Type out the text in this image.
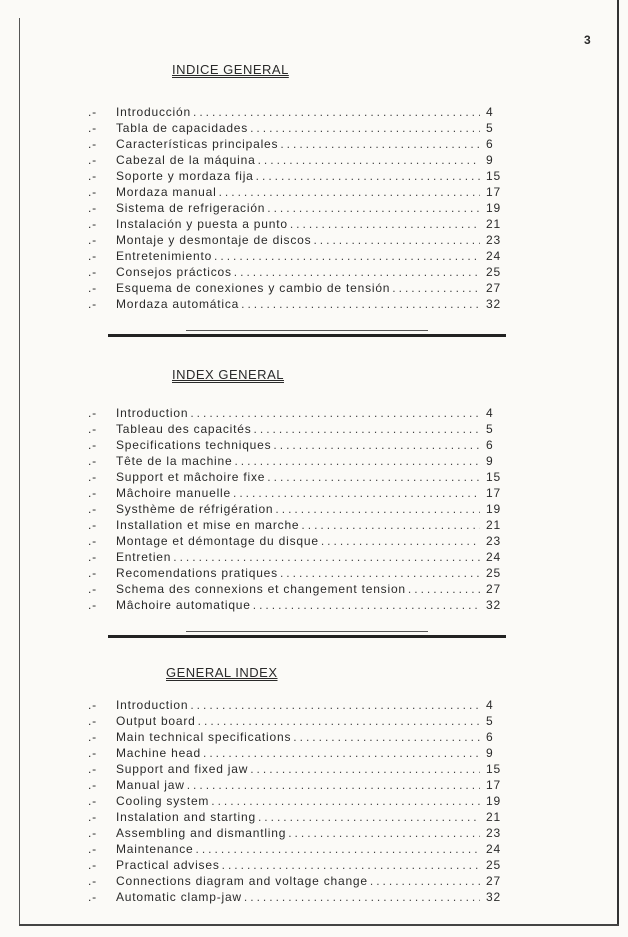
3
INDICE GENERAL
.-	Introducción .....	4
.-	Tabla de capacidades .....	5
.-	Características principales .....	6
.-	Cabezal de la máquina .....	9
.-	Soporte y mordaza fija .....	15
.-	Mordaza manual .....	17
.-	Sistema de refrigeración .....	19
.-	Instalación y puesta a punto .....	21
.-	Montaje y desmontaje de discos .....	23
.-	Entretenimiento .....	24
.-	Consejos prácticos .....	25
.-	Esquema de conexiones y cambio de tensión .....	27
.-	Mordaza automática .....	32
INDEX GENERAL
.-	Introduction .....	4
.-	Tableau des capacités .....	5
.-	Specifications techniques .....	6
.-	Tête de la machine .....	9
.-	Support et mâchoire fixe .....	15
.-	Mâchoire manuelle .....	17
.-	Systhème de réfrigération .....	19
.-	Installation et mise en marche .....	21
.-	Montage et démontage du disque .....	23
.-	Entretien .....	24
.-	Recomendations pratiques .....	25
.-	Schema des connexions et changement tension .....	27
.-	Mâchoire automatique .....	32
GENERAL INDEX
.-	Introduction .....	4
.-	Output board .....	5
.-	Main technical specifications .....	6
.-	Machine head .....	9
.-	Support and fixed jaw .....	15
.-	Manual jaw .....	17
.-	Cooling system .....	19
.-	Instalation and starting .....	21
.-	Assembling and dismantling .....	23
.-	Maintenance .....	24
.-	Practical advises .....	25
.-	Connections diagram and voltage change .....	27
.-	Automatic clamp-jaw .....	32
